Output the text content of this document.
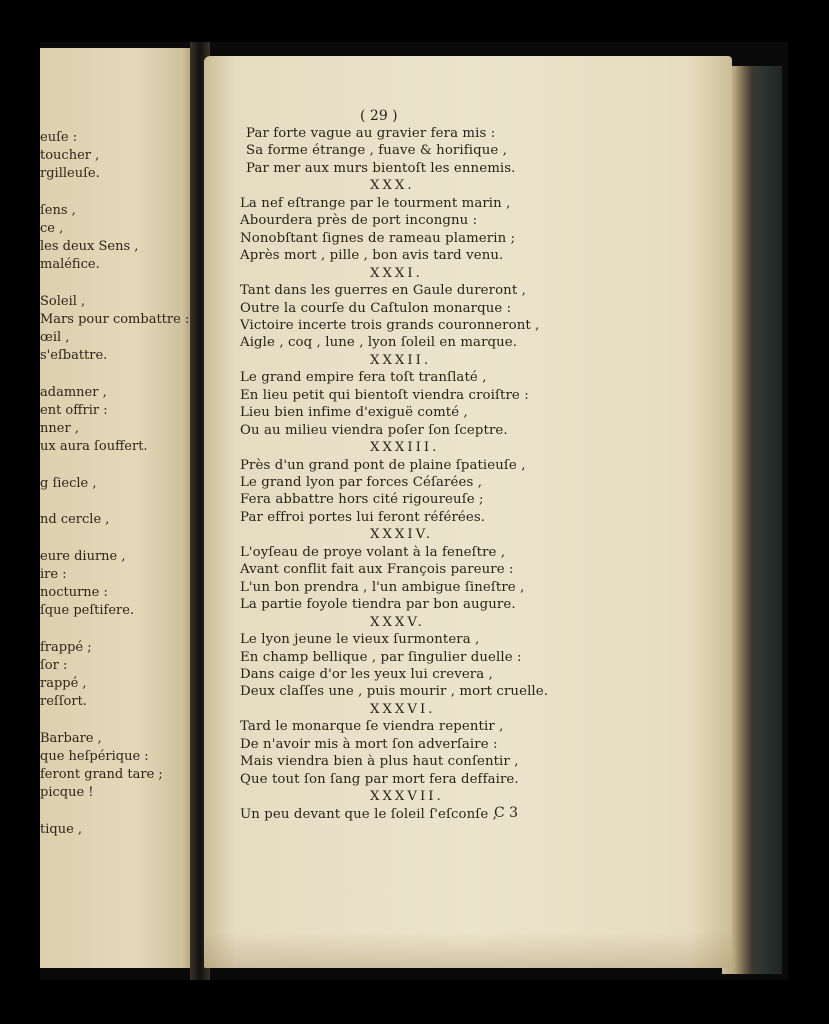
euſe :
toucher ,
rgilleuſe.
ſens ,
ce ,
les deux Sens ,
maléfice.
Soleil ,
Mars pour combattre :
œil ,
s'eſbattre.
adamner ,
ent offrir :
nner ,
ux aura ſouffert.
g ſiecle ,
nd cercle ,
eure diurne ,
ire :
nocturne :
ſque peſtifere.
frappé ;
ſor :
rappé ,
reſſort.
Barbare ,
que heſpérique :
feront grand tare ;
picque !
tique ,
( 29 )
C 3
Par forte vague au gravier fera mis :
Sa forme étrange , fuave & horifique ,
Par mer aux murs bientoſt les ennemis.
XXX.
La nef eſtrange par le tourment marin ,
Abourdera près de port incongnu :
Nonobſtant ſignes de rameau plamerin ;
Après mort , pille , bon avis tard venu.
XXXI.
Tant dans les guerres en Gaule dureront ,
Outre la courſe du Caſtulon monarque :
Victoire incerte trois grands couronneront ,
Aigle , coq , lune , lyon ſoleil en marque.
XXXII.
Le grand empire fera toſt tranſlaté ,
En lieu petit qui bientoſt viendra croiſtre :
Lieu bien infime d'exiguë comté ,
Ou au milieu viendra poſer ſon ſceptre.
XXXIII.
Près d'un grand pont de plaine ſpatieuſe ,
Le grand lyon par forces Céſarées ,
Fera abbattre hors cité rigoureuſe ;
Par effroi portes lui feront référées.
XXXIV.
L'oyſeau de proye volant à la feneſtre ,
Avant conflit fait aux François pareure :
L'un bon prendra , l'un ambigue ſineſtre ,
La partie foyole tiendra par bon augure.
XXXV.
Le lyon jeune le vieux ſurmontera ,
En champ bellique , par ſingulier duelle :
Dans caige d'or les yeux lui crevera ,
Deux claſſes une , puis mourir , mort cruelle.
XXXVI.
Tard le monarque ſe viendra repentir ,
De n'avoir mis à mort ſon adverſaire :
Mais viendra bien à plus haut conſentir ,
Que tout ſon ſang par mort fera deffaire.
XXXVII.
Un peu devant que le ſoleil ſ'eſconſe ,
